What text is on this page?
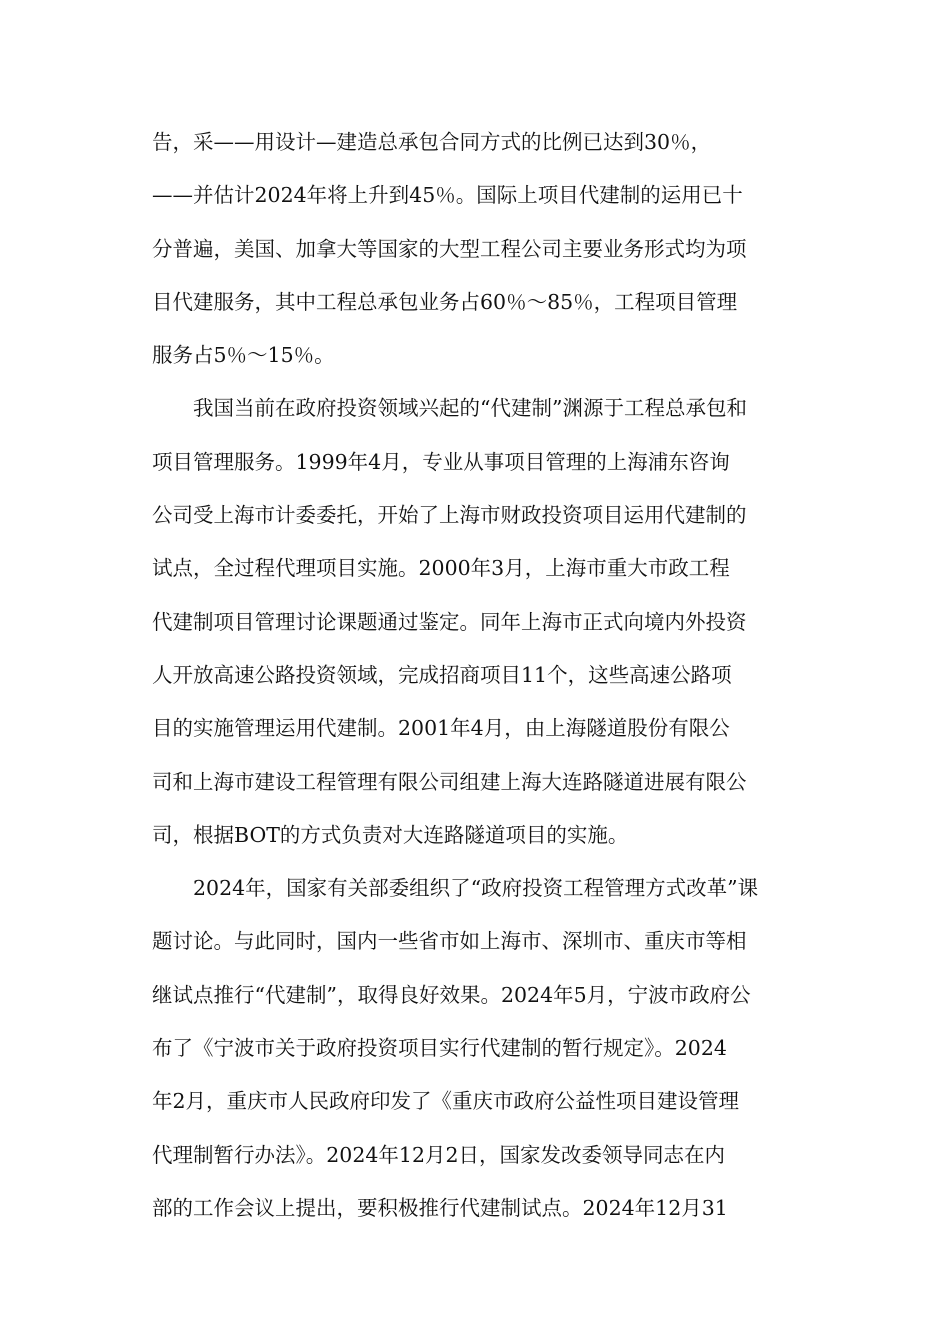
告，采——用设计—建造总承包合同方式的比例已达到30％，
——并估计2024年将上升到45％。国际上项目代建制的运用已十
分普遍，美国、加拿大等国家的大型工程公司主要业务形式均为项
目代建服务，其中工程总承包业务占60％～85％，工程项目管理
服务占5％～15％。
我国当前在政府投资领域兴起的“代建制”渊源于工程总承包和
项目管理服务。1999年4月，专业从事项目管理的上海浦东咨询
公司受上海市计委委托，开始了上海市财政投资项目运用代建制的
试点，全过程代理项目实施。2000年3月，上海市重大市政工程
代建制项目管理讨论课题通过鉴定。同年上海市正式向境内外投资
人开放高速公路投资领域，完成招商项目11个，这些高速公路项
目的实施管理运用代建制。2001年4月，由上海隧道股份有限公
司和上海市建设工程管理有限公司组建上海大连路隧道进展有限公
司，根据BOT的方式负责对大连路隧道项目的实施。
2024年，国家有关部委组织了“政府投资工程管理方式改革”课
题讨论。与此同时，国内一些省市如上海市、深圳市、重庆市等相
继试点推行“代建制”，取得良好效果。2024年5月，宁波市政府公
布了《宁波市关于政府投资项目实行代建制的暂行规定》。2024
年2月，重庆市人民政府印发了《重庆市政府公益性项目建设管理
代理制暂行办法》。2024年12月2日，国家发改委领导同志在内
部的工作会议上提出，要积极推行代建制试点。2024年12月31
